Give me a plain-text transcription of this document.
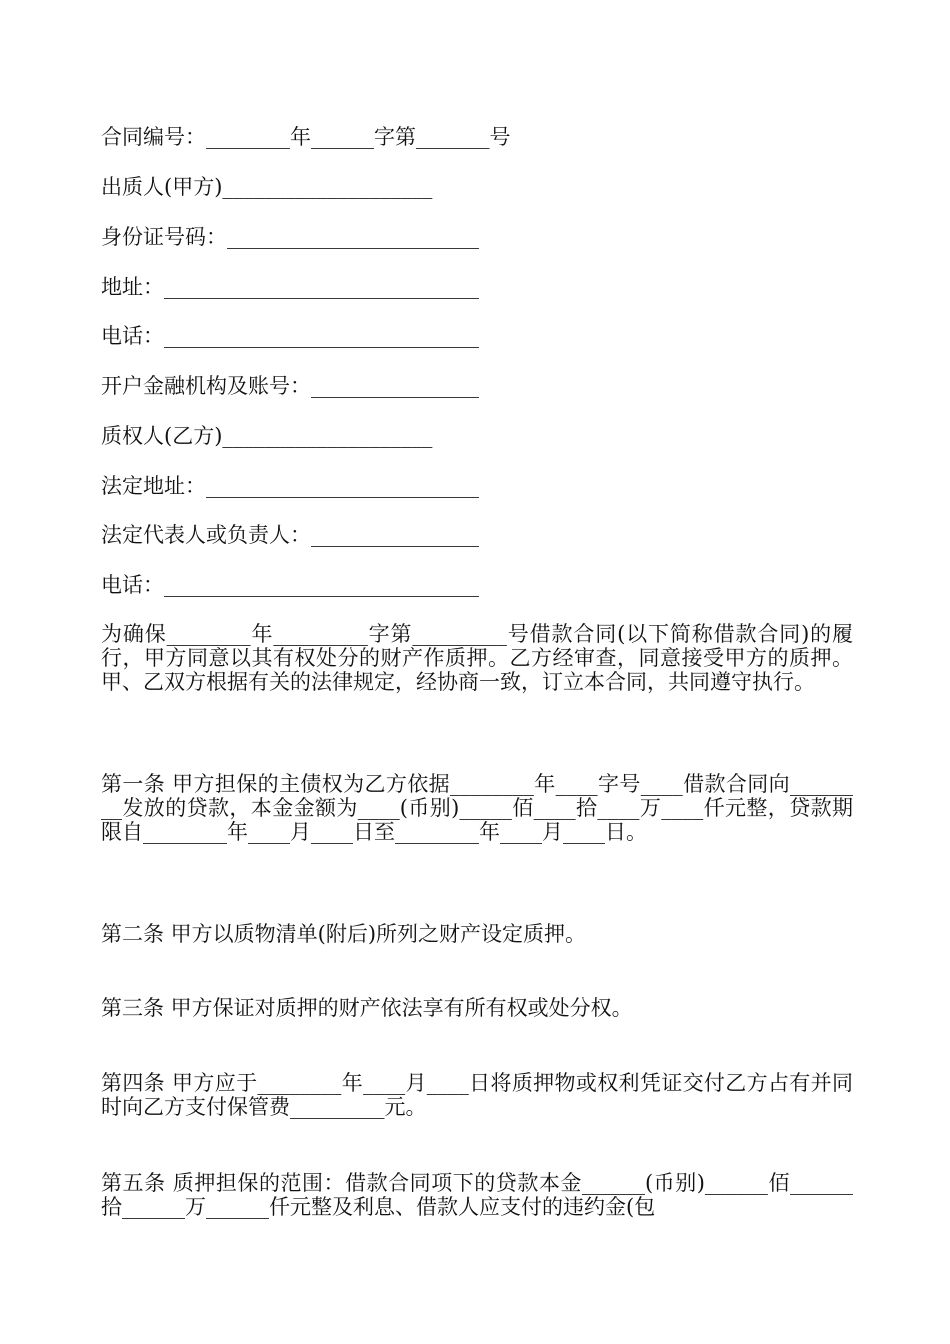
合同编号：________年______字第_______号

出质人(甲方)____________________

身份证号码：________________________

地址：______________________________

电话：______________________________

开户金融机构及账号：________________

质权人(乙方)____________________

法定地址：__________________________

法定代表人或负责人：________________

电话：______________________________

为确保________年_________字第_________号借款合同(以下简称借款合同)的履行，甲方同意以其有权处分的财产作质押。乙方经审查，同意接受甲方的质押。甲、乙双方根据有关的法律规定，经协商一致，订立本合同，共同遵守执行。

第一条 甲方担保的主债权为乙方依据________年____字号____借款合同向________发放的贷款，本金金额为____(币别)_____佰____拾____万____仟元整，贷款期限自________年____月____日至________年____月____日。

第二条 甲方以质物清单(附后)所列之财产设定质押。

第三条 甲方保证对质押的财产依法享有所有权或处分权。

第四条 甲方应于________年____月____日将质押物或权利凭证交付乙方占有并同时向乙方支付保管费_________元。

第五条 质押担保的范围：借款合同项下的贷款本金______(币别)______佰______拾______万______仟元整及利息、借款人应支付的违约金(包
